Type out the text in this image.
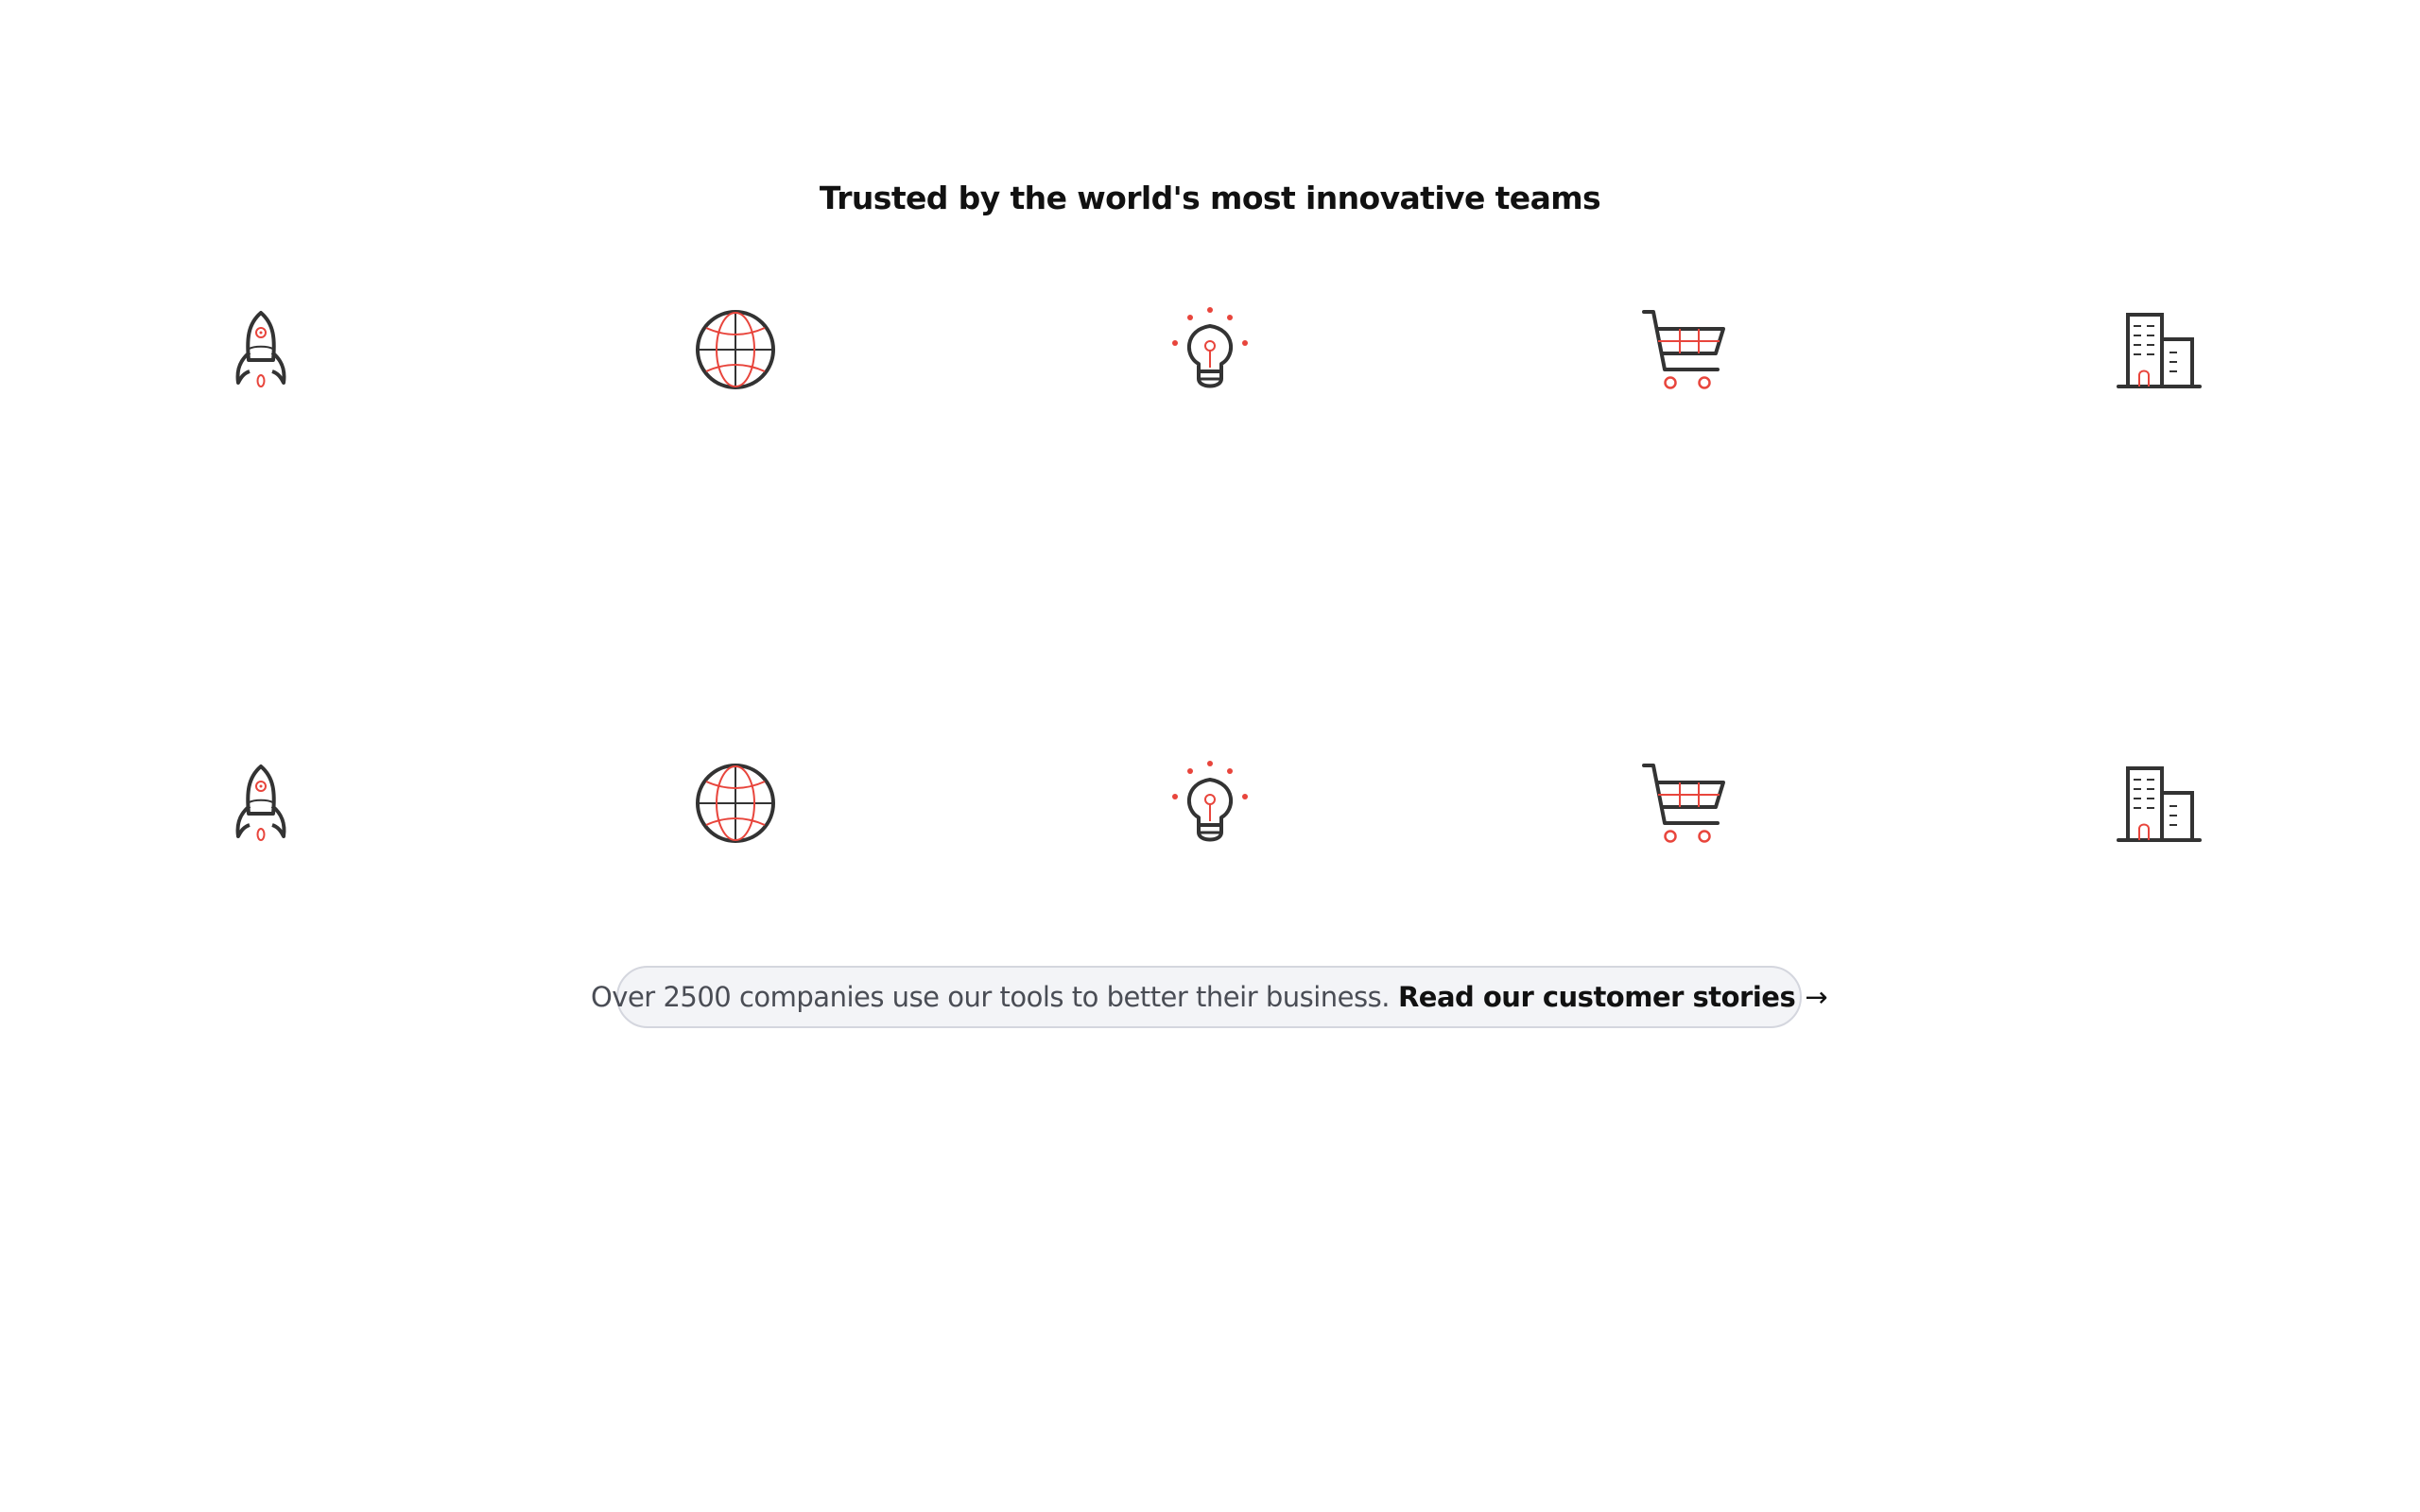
Trusted by the world's most innovative teams
Over 2500 companies use our tools to better their business. Read our customer stories →
